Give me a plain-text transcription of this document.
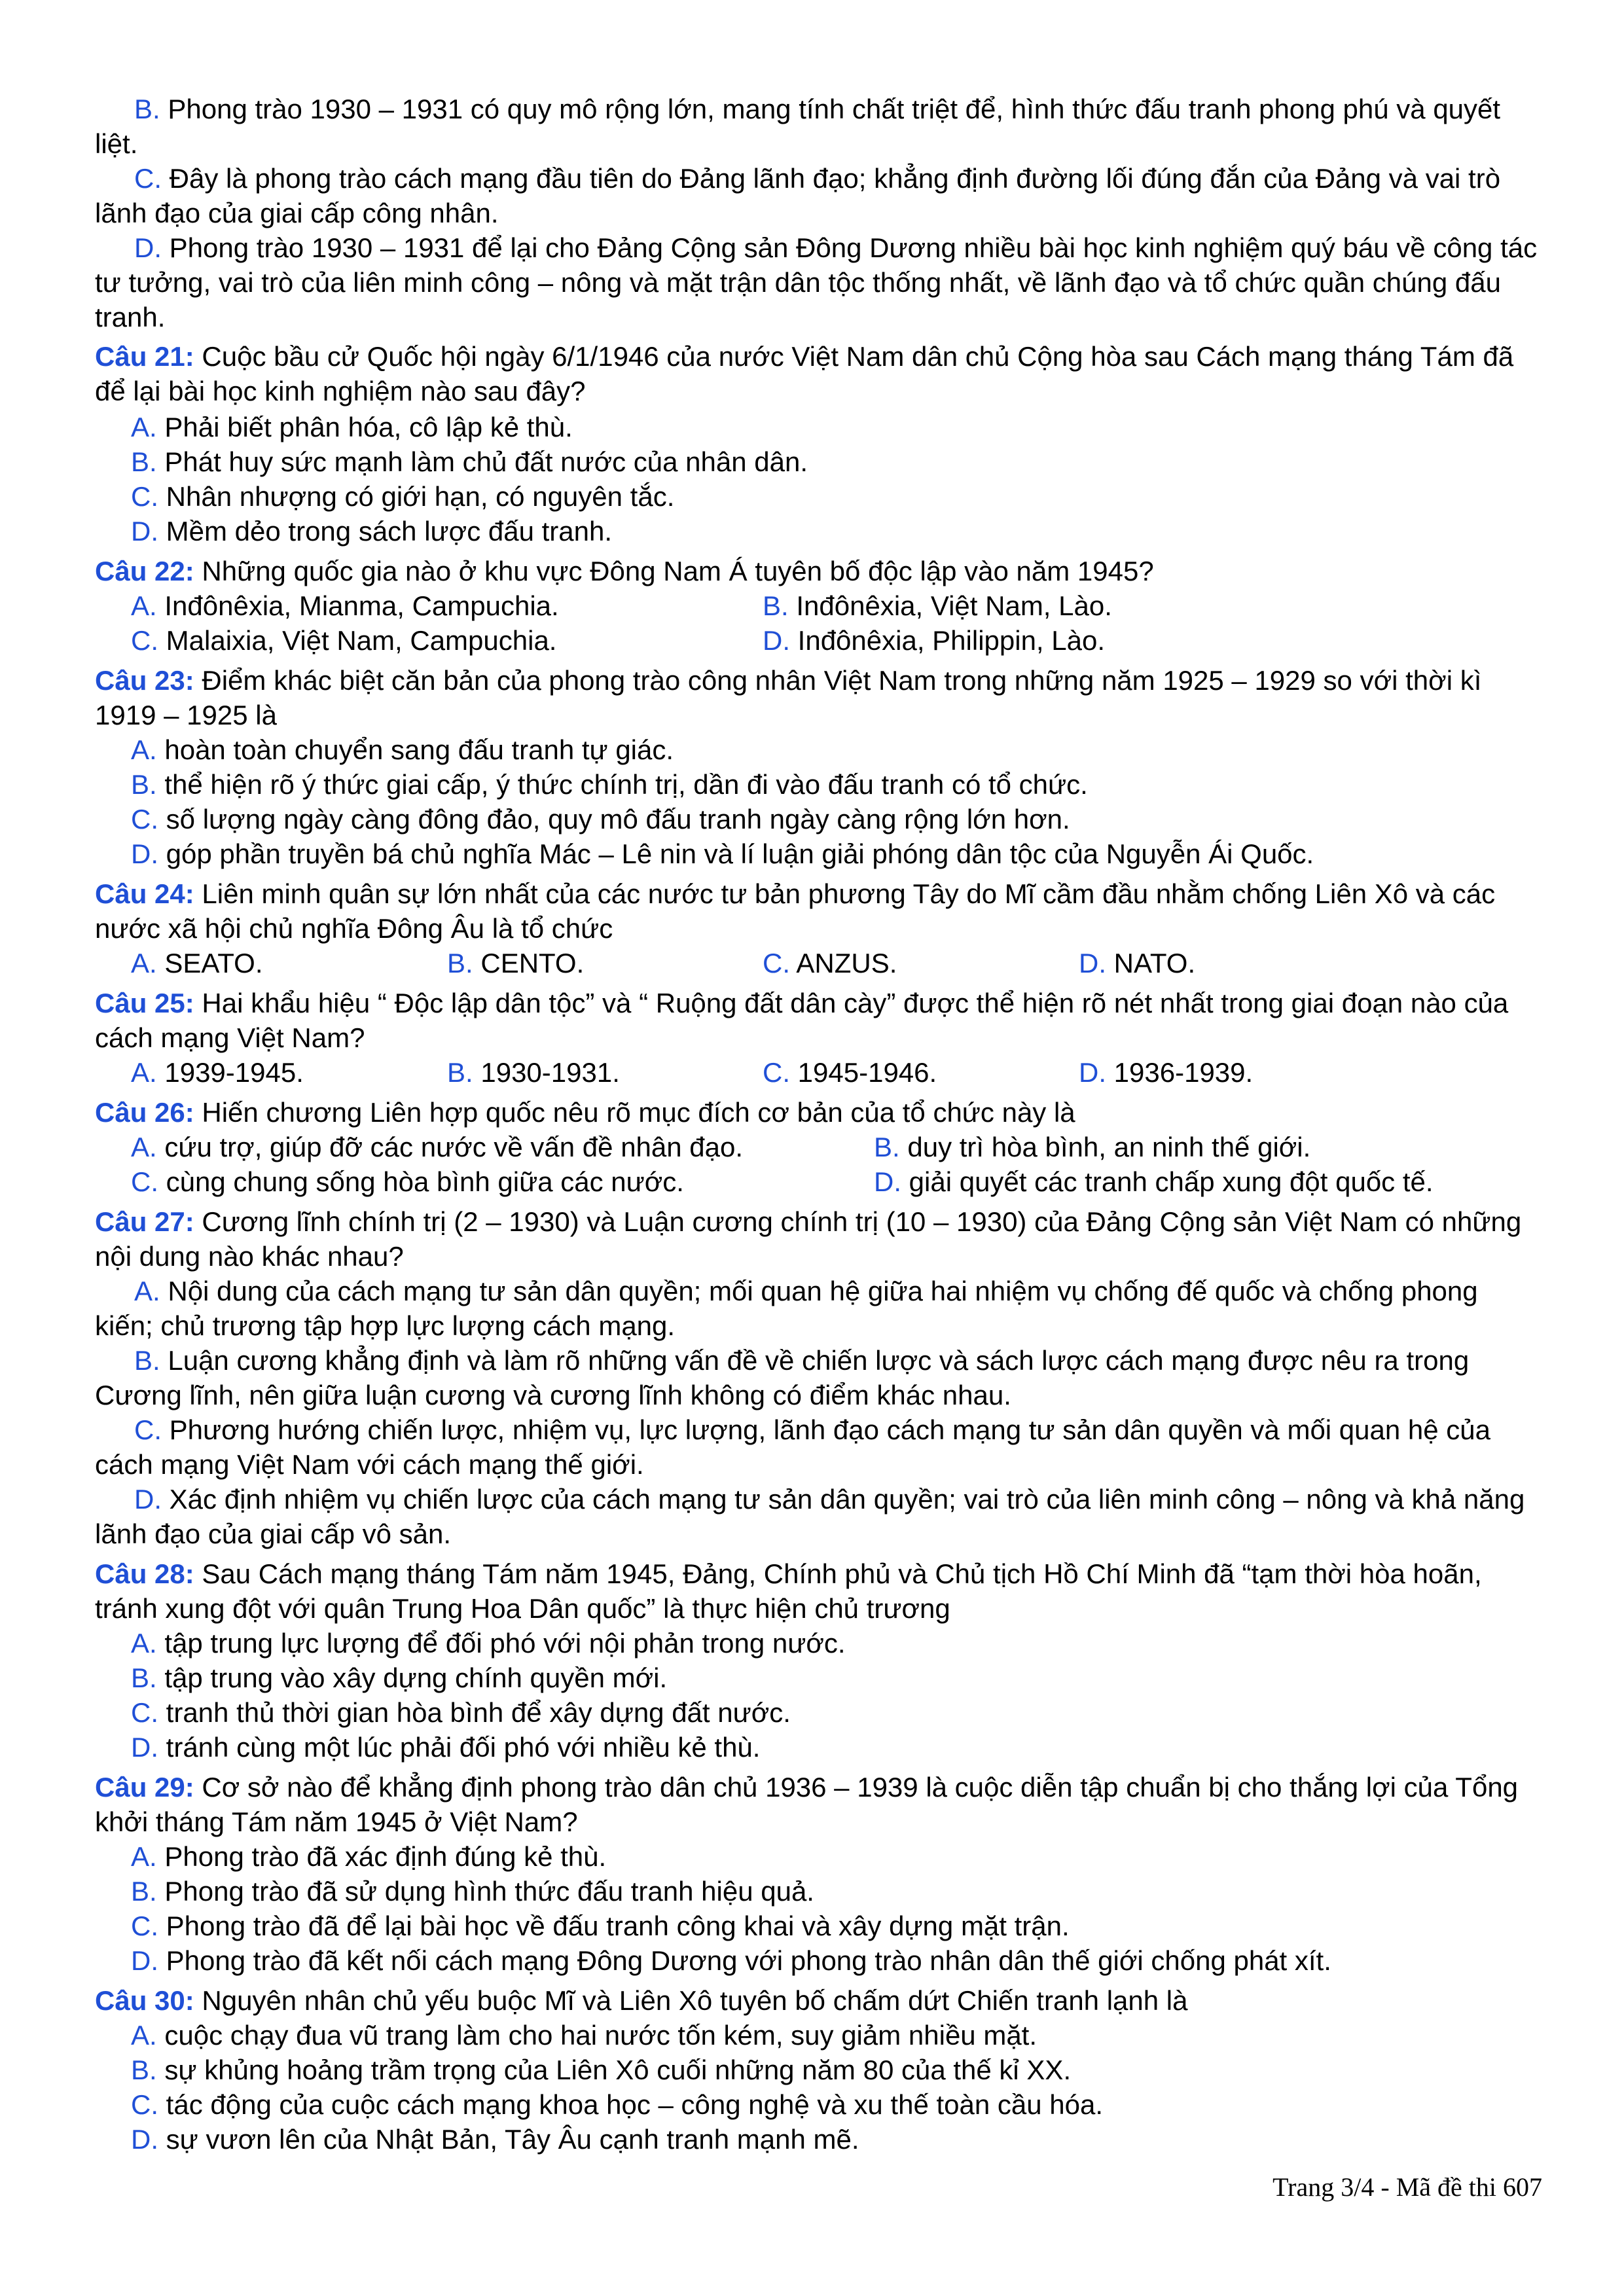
B. Phong trào 1930 – 1931 có quy mô rộng lớn, mang tính chất triệt để, hình thức đấu tranh phong phú và quyết liệt.
C. Đây là phong trào cách mạng đầu tiên do Đảng lãnh đạo; khẳng định đường lối đúng đắn của Đảng và vai trò lãnh đạo của giai cấp công nhân.
D. Phong trào 1930 – 1931 để lại cho Đảng Cộng sản Đông Dương nhiều bài học kinh nghiệm quý báu về công tác tư tưởng, vai trò của liên minh công – nông và mặt trận dân tộc thống nhất, về lãnh đạo và tổ chức quần chúng đấu tranh.
Câu 21: Cuộc bầu cử Quốc hội ngày 6/1/1946 của nước Việt Nam dân chủ Cộng hòa sau Cách mạng tháng Tám đã để lại bài học kinh nghiệm nào sau đây?
A. Phải biết phân hóa, cô lập kẻ thù.
B. Phát huy sức mạnh làm chủ đất nước của nhân dân.
C. Nhân nhượng có giới hạn, có nguyên tắc.
D. Mềm dẻo trong sách lược đấu tranh.
Câu 22: Những quốc gia nào ở khu vực Đông Nam Á tuyên bố độc lập vào năm 1945?
A. Inđônêxia, Mianma, Campuchia.	B. Inđônêxia, Việt Nam, Lào.
C. Malaixia, Việt Nam, Campuchia.	D. Inđônêxia, Philippin, Lào.
Câu 23: Điểm khác biệt căn bản của phong trào công nhân Việt Nam trong những năm 1925 – 1929 so với thời kì 1919 – 1925 là
A. hoàn toàn chuyển sang đấu tranh tự giác.
B. thể hiện rõ ý thức giai cấp, ý thức chính trị, dần đi vào đấu tranh có tổ chức.
C. số lượng ngày càng đông đảo, quy mô đấu tranh ngày càng rộng lớn hơn.
D. góp phần truyền bá chủ nghĩa Mác – Lê nin và lí luận giải phóng dân tộc của Nguyễn Ái Quốc.
Câu 24: Liên minh quân sự lớn nhất của các nước tư bản phương Tây do Mĩ cầm đầu nhằm chống Liên Xô và các nước xã hội chủ nghĩa Đông Âu là tổ chức
A. SEATO.	B. CENTO.	C. ANZUS.	D. NATO.
Câu 25: Hai khẩu hiệu “ Độc lập dân tộc” và “ Ruộng đất dân cày” được thể hiện rõ nét nhất trong giai đoạn nào của cách mạng Việt Nam?
A. 1939-1945.	B. 1930-1931.	C. 1945-1946.	D. 1936-1939.
Câu 26: Hiến chương Liên hợp quốc nêu rõ mục đích cơ bản của tổ chức này là
A. cứu trợ, giúp đỡ các nước về vấn đề nhân đạo.	B. duy trì hòa bình, an ninh thế giới.
C. cùng chung sống hòa bình giữa các nước.	D. giải quyết các tranh chấp xung đột quốc tế.
Câu 27: Cương lĩnh chính trị (2 – 1930) và Luận cương chính trị (10 – 1930) của Đảng Cộng sản Việt Nam có những nội dung nào khác nhau?
A. Nội dung của cách mạng tư sản dân quyền; mối quan hệ giữa hai nhiệm vụ chống đế quốc và chống phong kiến; chủ trương tập hợp lực lượng cách mạng.
B. Luận cương khẳng định và làm rõ những vấn đề về chiến lược và sách lược cách mạng được nêu ra trong Cương lĩnh, nên giữa luận cương và cương lĩnh không có điểm khác nhau.
C. Phương hướng chiến lược, nhiệm vụ, lực lượng, lãnh đạo cách mạng tư sản dân quyền và mối quan hệ của cách mạng Việt Nam với cách mạng thế giới.
D. Xác định nhiệm vụ chiến lược của cách mạng tư sản dân quyền; vai trò của liên minh công – nông và khả năng lãnh đạo của giai cấp vô sản.
Câu 28: Sau Cách mạng tháng Tám năm 1945, Đảng, Chính phủ và Chủ tịch Hồ Chí Minh đã “tạm thời hòa hoãn, tránh xung đột với quân Trung Hoa Dân quốc” là thực hiện chủ trương
A. tập trung lực lượng để đối phó với nội phản trong nước.
B. tập trung vào xây dựng chính quyền mới.
C. tranh thủ thời gian hòa bình để xây dựng đất nước.
D. tránh cùng một lúc phải đối phó với nhiều kẻ thù.
Câu 29: Cơ sở nào để khẳng định phong trào dân chủ 1936 – 1939 là cuộc diễn tập chuẩn bị cho thắng lợi của Tổng khởi tháng Tám năm 1945 ở Việt Nam?
A. Phong trào đã xác định đúng kẻ thù.
B. Phong trào đã sử dụng hình thức đấu tranh hiệu quả.
C. Phong trào đã để lại bài học về đấu tranh công khai và xây dựng mặt trận.
D. Phong trào đã kết nối cách mạng Đông Dương với phong trào nhân dân thế giới chống phát xít.
Câu 30: Nguyên nhân chủ yếu buộc Mĩ và Liên Xô tuyên bố chấm dứt Chiến tranh lạnh là
A. cuộc chạy đua vũ trang làm cho hai nước tốn kém, suy giảm nhiều mặt.
B. sự khủng hoảng trầm trọng của Liên Xô cuối những năm 80 của thế kỉ XX.
C. tác động của cuộc cách mạng khoa học – công nghệ và xu thế toàn cầu hóa.
D. sự vươn lên của Nhật Bản, Tây Âu cạnh tranh mạnh mẽ.
Trang 3/4 - Mã đề thi 607
